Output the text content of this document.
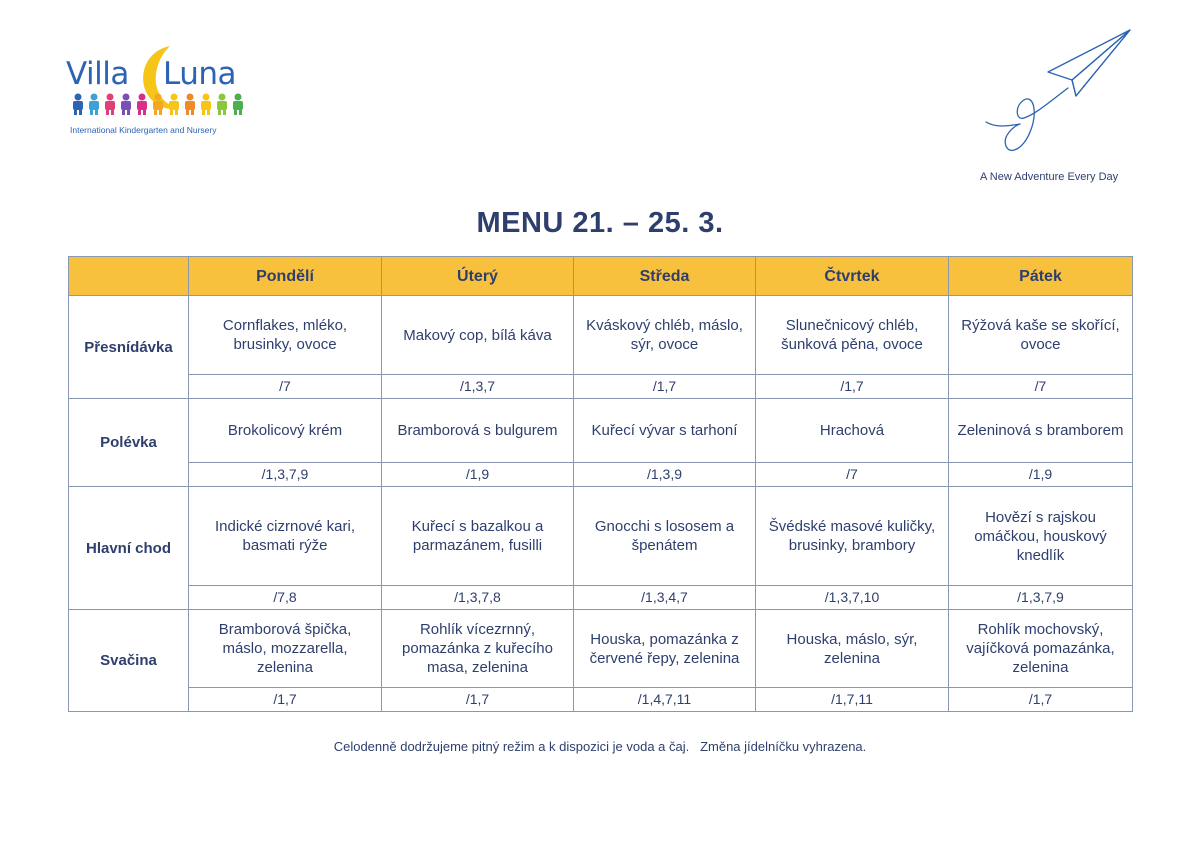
Villa Luna
International Kindergarten and Nursery
A New Adventure Every Day
MENU 21. – 25. 3.
	Pondělí	Úterý	Středa	Čtvrtek	Pátek
Přesnídávka	Cornflakes, mléko, brusinky, ovoce	Makový cop, bílá káva	Kváskový chléb, máslo, sýr, ovoce	Slunečnicový chléb, šunková pěna, ovoce	Rýžová kaše se skořící, ovoce
	/7	/1,3,7	/1,7	/1,7	/7
Polévka	Brokolicový krém	Bramborová s bulgurem	Kuřecí vývar s tarhoní	Hrachová	Zeleninová s bramborem
	/1,3,7,9	/1,9	/1,3,9	/7	/1,9
Hlavní chod	Indické cizrnové kari, basmati rýže	Kuřecí s bazalkou a parmazánem, fusilli	Gnocchi s lososem a špenátem	Švédské masové kuličky, brusinky, brambory	Hovězí s rajskou omáčkou, houskový knedlík
	/7,8	/1,3,7,8	/1,3,4,7	/1,3,7,10	/1,3,7,9
Svačina	Bramborová špička, máslo, mozzarella, zelenina	Rohlík vícezrnný, pomazánka z kuřecího masa, zelenina	Houska, pomazánka z červené řepy, zelenina	Houska, máslo, sýr, zelenina	Rohlík mochovský, vajíčková pomazánka, zelenina
	/1,7	/1,7	/1,4,7,11	/1,7,11	/1,7
Celodenně dodržujeme pitný režim a k dispozici je voda a čaj.   Změna jídelníčku vyhrazena.
